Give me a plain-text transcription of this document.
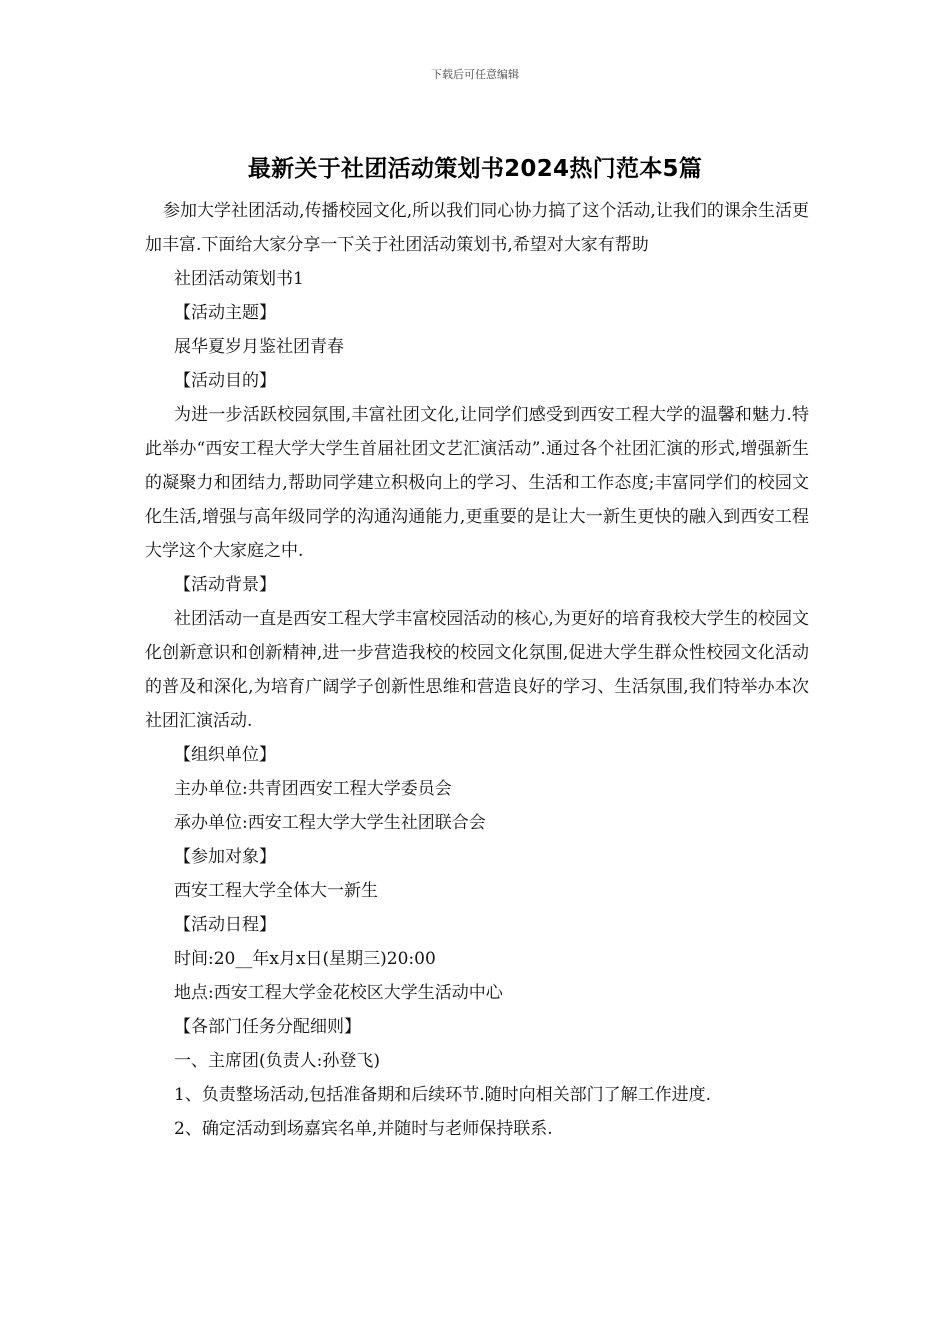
下载后可任意编辑
最新关于社团活动策划书2024热门范本5篇

参加大学社团活动,传播校园文化,所以我们同心协力搞了这个活动,让我们的课余生活更加丰富.下面给大家分享一下关于社团活动策划书,希望对大家有帮助

社团活动策划书1

【活动主题】

展华夏岁月鉴社团青春

【活动目的】

为进一步活跃校园氛围,丰富社团文化,让同学们感受到西安工程大学的温馨和魅力.特此举办“西安工程大学大学生首届社团文艺汇演活动”.通过各个社团汇演的形式,增强新生的凝聚力和团结力,帮助同学建立积极向上的学习、生活和工作态度;丰富同学们的校园文化生活,增强与高年级同学的沟通沟通能力,更重要的是让大一新生更快的融入到西安工程大学这个大家庭之中.

【活动背景】

社团活动一直是西安工程大学丰富校园活动的核心,为更好的培育我校大学生的校园文化创新意识和创新精神,进一步营造我校的校园文化氛围,促进大学生群众性校园文化活动的普及和深化,为培育广阔学子创新性思维和营造良好的学习、生活氛围,我们特举办本次社团汇演活动.

【组织单位】

主办单位:共青团西安工程大学委员会

承办单位:西安工程大学大学生社团联合会

【参加对象】

西安工程大学全体大一新生

【活动日程】

时间:20__年x月x日(星期三)20:00

地点:西安工程大学金花校区大学生活动中心

【各部门任务分配细则】

一、主席团(负责人:孙登飞)

1、负责整场活动,包括准备期和后续环节.随时向相关部门了解工作进度.

2、确定活动到场嘉宾名单,并随时与老师保持联系.
